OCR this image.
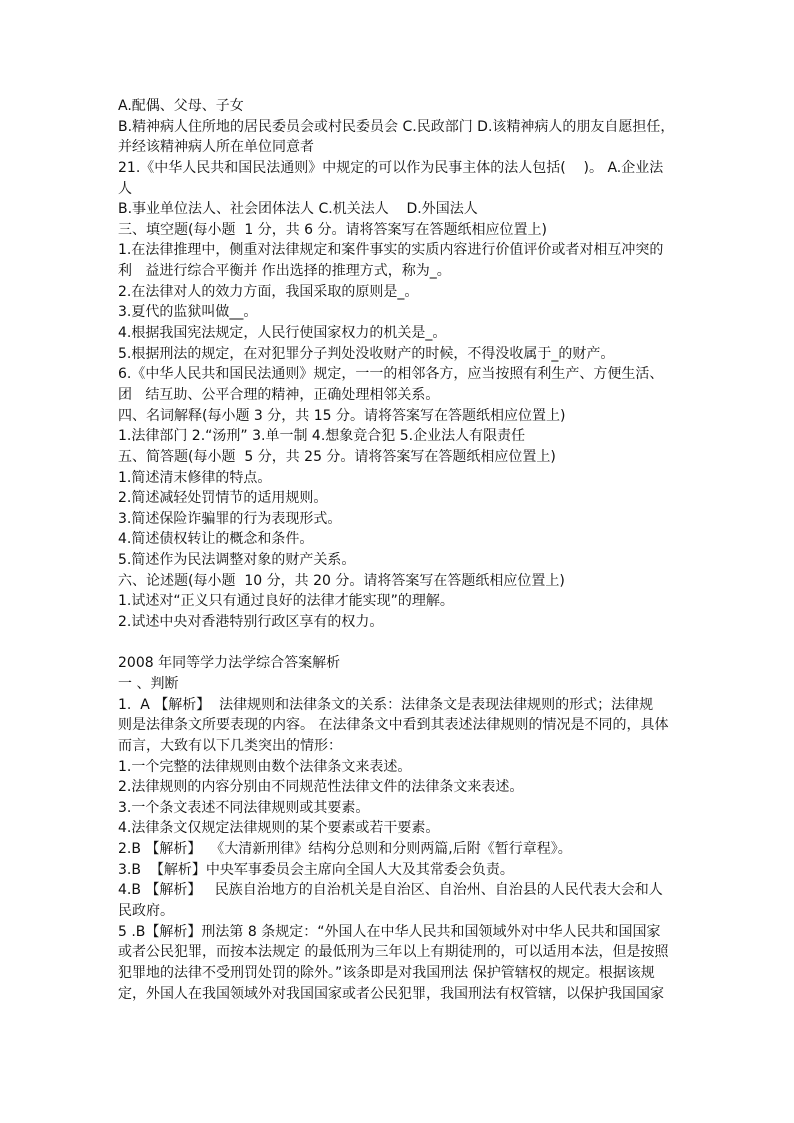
A.配偶、父母、子女
B.精神病人住所地的居民委员会或村民委员会 C.民政部门 D.该精神病人的朋友自愿担任，
并经该精神病人所在单位同意者
21.《中华人民共和国民法通则》中规定的可以作为民事主体的法人包括(    )。 A.企业法
人
B.事业单位法人、社会团体法人 C.机关法人    D.外国法人
三、填空题(每小题  1 分，共 6 分。请将答案写在答题纸相应位置上)
1.在法律推理中，侧重对法律规定和案件事实的实质内容进行价值评价或者对相互冲突的
利   益进行综合平衡并 作出选择的推理方式，称为_。
2.在法律对人的效力方面，我国采取的原则是_。
3.夏代的监狱叫做__。
4.根据我国宪法规定，人民行使国家权力的机关是_。
5.根据刑法的规定，在对犯罪分子判处没收财产的时候，不得没收属于_的财产。
6.《中华人民共和国民法通则》规定，一一的相邻各方，应当按照有利生产、方便生活、
团   结互助、公平合理的精神，正确处理相邻关系。
四、名词解释(每小题 3 分，共 15 分。请将答案写在答题纸相应位置上)
1.法律部门 2.“汤刑” 3.单一制 4.想象竞合犯 5.企业法人有限责任
五、简答题(每小题  5 分，共 25 分。请将答案写在答题纸相应位置上)
1.简述清末修律的特点。
2.简述减轻处罚情节的适用规则。
3.简述保险诈骗罪的行为表现形式。
4.简述债权转让的概念和条件。
5.简述作为民法调整对象的财产关系。
六、论述题(每小题  10 分，共 20 分。请将答案写在答题纸相应位置上)
1.试述对“正义只有通过良好的法律才能实现”的理解。
2.试述中央对香港特别行政区享有的权力。
2008 年同等学力法学综合答案解析
一 、判断
1.  A 【解析】  法律规则和法律条文的关系：法律条文是表现法律规则的形式；法律规
则是法律条文所要表现的内容。 在法律条文中看到其表述法律规则的情况是不同的，具体
而言，大致有以下几类突出的情形：
1.一个完整的法律规则由数个法律条文来表述。
2.法律规则的内容分别由不同规范性法律文件的法律条文来表述。
3.一个条文表述不同法律规则或其要素。
4.法律条文仅规定法律规则的某个要素或若干要素。
2.B 【解析】  《大清新刑律》结构分总则和分则两篇,后附《暂行章程》。
3.B  【解析】中央军事委员会主席向全国人大及其常委会负责。
4.B 【解析】   民族自治地方的自治机关是自治区、自治州、自治县的人民代表大会和人
民政府。
5 .B【解析】刑法第 8 条规定：“外国人在中华人民共和国领域外对中华人民共和国国家
或者公民犯罪，而按本法规定 的最低刑为三年以上有期徒刑的，可以适用本法，但是按照
犯罪地的法律不受刑罚处罚的除外。”该条即是对我国刑法 保护管辖权的规定。根据该规
定，外国人在我国领域外对我国国家或者公民犯罪，我国刑法有权管辖，以保护我国国家
